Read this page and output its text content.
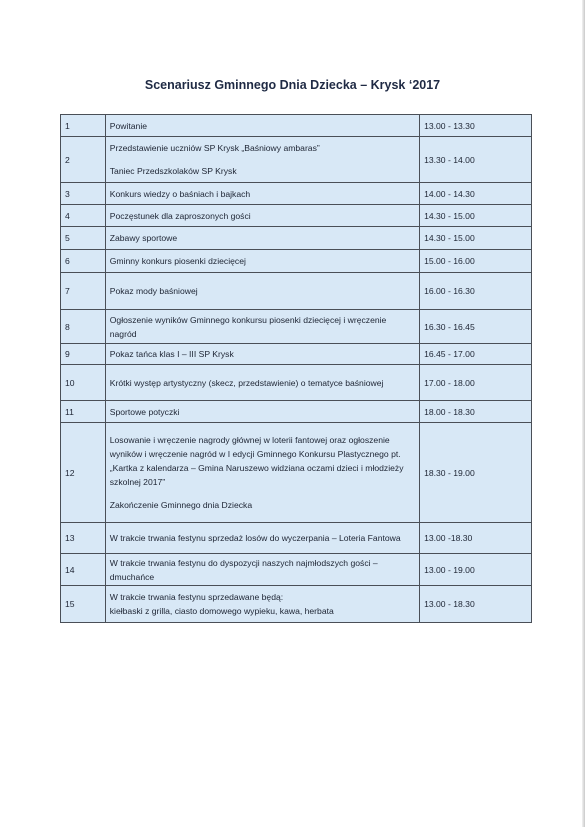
Scenariusz Gminnego Dnia Dziecka – Krysk ‘2017
1	Powitanie	13.00 - 13.30
2	Przedstawienie uczniów SP Krysk „Baśniowy ambaras”
Taniec Przedszkolaków SP Krysk	13.30 - 14.00
3	Konkurs wiedzy o baśniach i bajkach	14.00 - 14.30
4	Poczęstunek dla zaproszonych gości	14.30 - 15.00
5	Zabawy sportowe	14.30 - 15.00
6	Gminny konkurs piosenki dziecięcej	15.00 - 16.00
7	Pokaz mody baśniowej	16.00 - 16.30
8	Ogłoszenie wyników Gminnego konkursu piosenki dziecięcej i wręczenie nagród	16.30 - 16.45
9	Pokaz tańca klas I – III SP Krysk	16.45 - 17.00
10	Krótki występ artystyczny (skecz, przedstawienie) o tematyce baśniowej	17.00 - 18.00
11	Sportowe potyczki	18.00 - 18.30
12	Losowanie i wręczenie nagrody głównej w loterii fantowej oraz ogłoszenie wyników i wręczenie nagród w I edycji Gminnego Konkursu Plastycznego pt. „Kartka z kalendarza – Gmina Naruszewo widziana oczami dzieci i młodzieży szkolnej 2017”
Zakończenie Gminnego dnia Dziecka	18.30 - 19.00
13	W trakcie trwania festynu sprzedaż losów do wyczerpania – Loteria Fantowa	13.00 -18.30
14	W trakcie trwania festynu do dyspozycji naszych najmłodszych gości – dmuchańce	13.00 - 19.00
15	W trakcie trwania festynu sprzedawane będą:
kiełbaski z grilla, ciasto domowego wypieku, kawa, herbata	13.00 - 18.30
